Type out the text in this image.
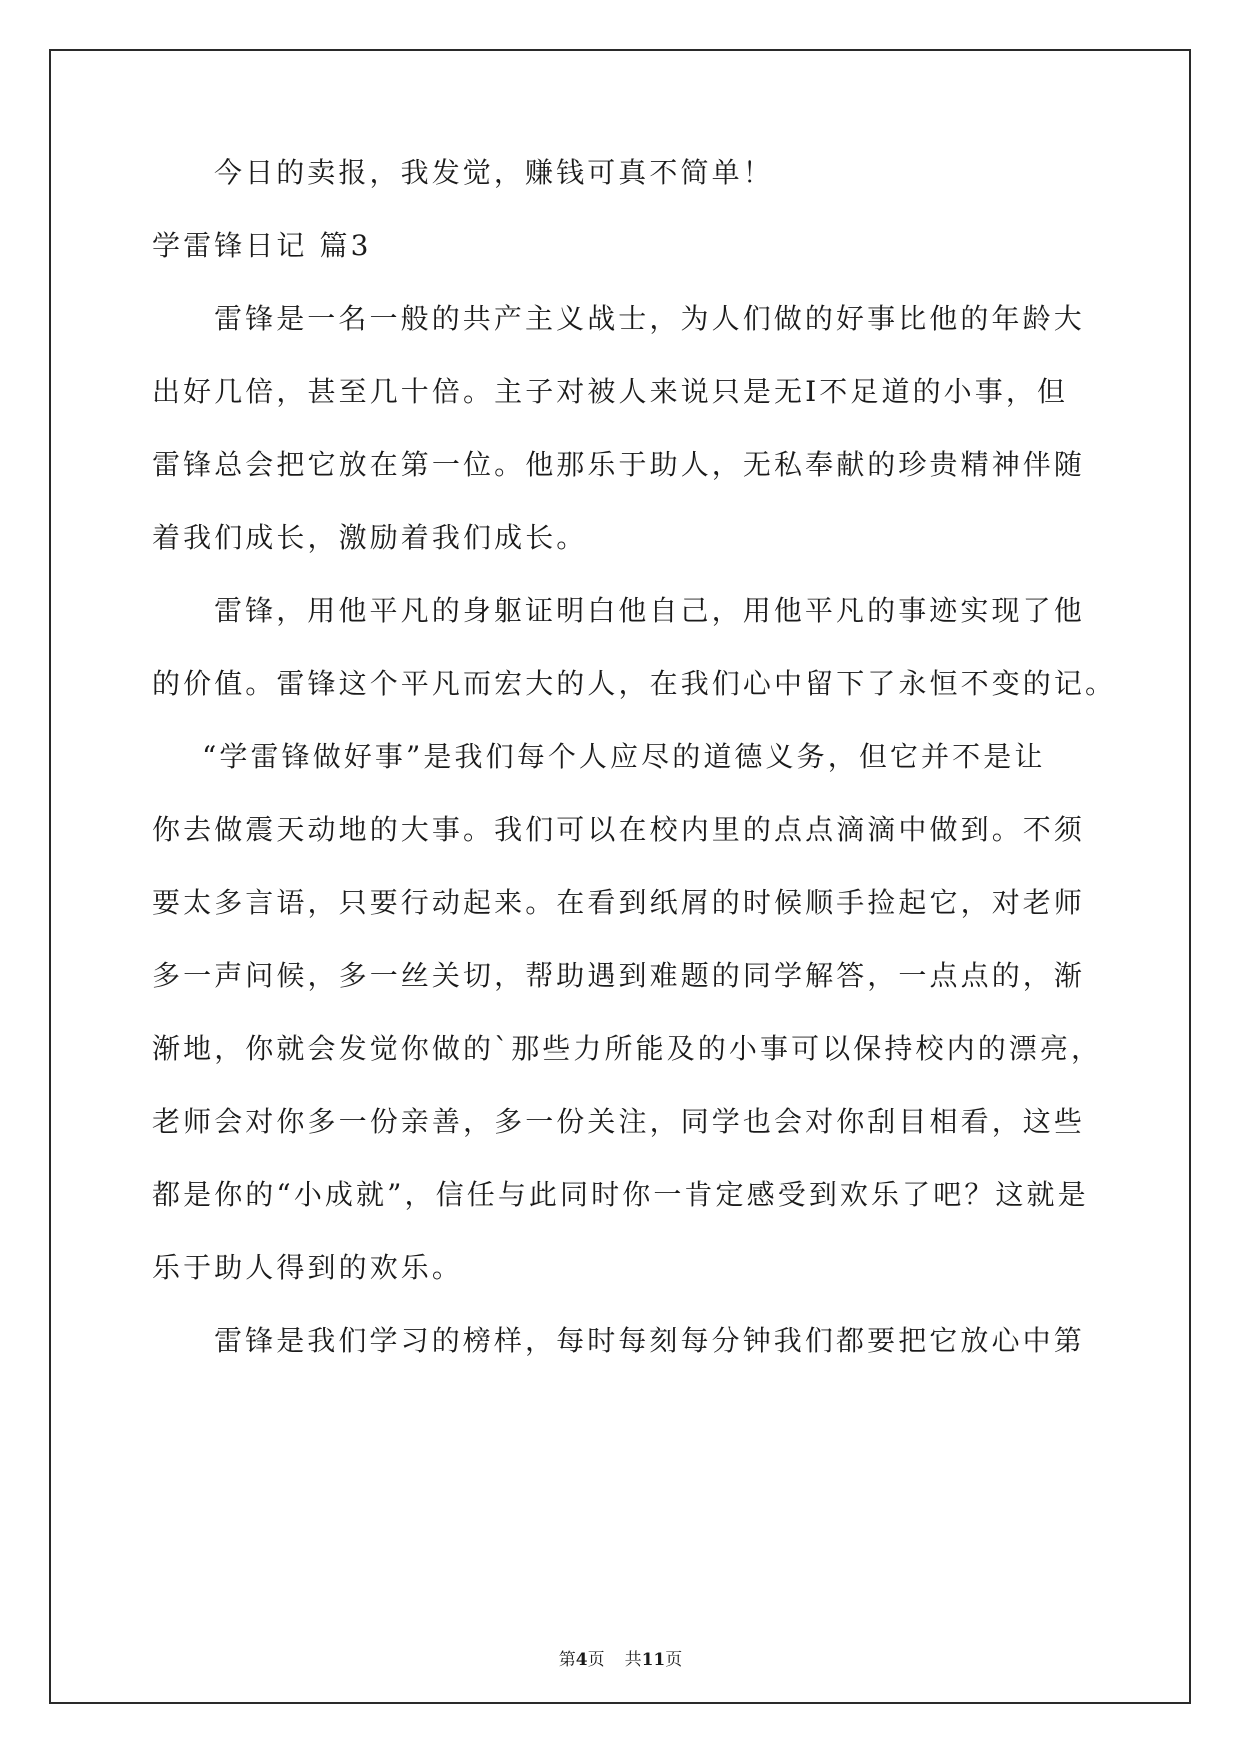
今日的卖报，我发觉，赚钱可真不简单！
学雷锋日记 篇3
雷锋是一名一般的共产主义战士，为人们做的好事比他的年龄大
出好几倍，甚至几十倍。主子对被人来说只是无I不足道的小事，但
雷锋总会把它放在第一位。他那乐于助人，无私奉献的珍贵精神伴随
着我们成长，激励着我们成长。
雷锋，用他平凡的身躯证明白他自己，用他平凡的事迹实现了他
的价值。雷锋这个平凡而宏大的人，在我们心中留下了永恒不变的记。
“学雷锋做好事”是我们每个人应尽的道德义务，但它并不是让
你去做震天动地的大事。我们可以在校内里的点点滴滴中做到。不须
要太多言语，只要行动起来。在看到纸屑的时候顺手捡起它，对老师
多一声问候，多一丝关切，帮助遇到难题的同学解答，一点点的，渐
渐地，你就会发觉你做的`那些力所能及的小事可以保持校内的漂亮，
老师会对你多一份亲善，多一份关注，同学也会对你刮目相看，这些
都是你的“小成就”，信任与此同时你一肯定感受到欢乐了吧？这就是
乐于助人得到的欢乐。
雷锋是我们学习的榜样，每时每刻每分钟我们都要把它放心中第
第4页 共11页
